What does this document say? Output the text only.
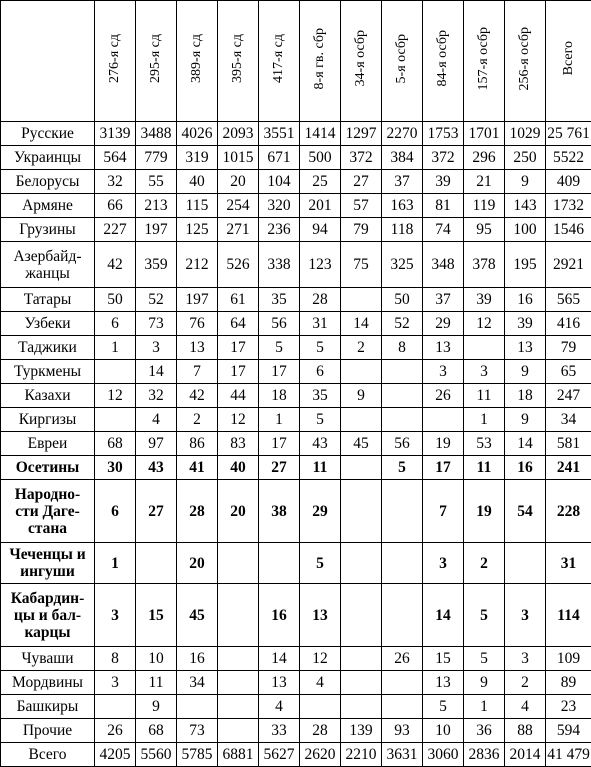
	276-я сд	295-я сд	389-я сд	395-я сд	417-я сд	8-я гв. сбр	34-я осбр	5-я осбр	84-я осбр	157-я осбр	256-я осбр	Всего
Русские	3139	3488	4026	2093	3551	1414	1297	2270	1753	1701	1029	25 761
Украинцы	564	779	319	1015	671	500	372	384	372	296	250	5522
Белорусы	32	55	40	20	104	25	27	37	39	21	9	409
Армяне	66	213	115	254	320	201	57	163	81	119	143	1732
Грузины	227	197	125	271	236	94	79	118	74	95	100	1546
Азербайд-
жанцы	42	359	212	526	338	123	75	325	348	378	195	2921
Татары	50	52	197	61	35	28		50	37	39	16	565
Узбеки	6	73	76	64	56	31	14	52	29	12	39	416
Таджики	1	3	13	17	5	5	2	8	13		13	79
Туркмены		14	7	17	17	6			3	3	9	65
Казахи	12	32	42	44	18	35	9		26	11	18	247
Киргизы		4	2	12	1	5				1	9	34
Евреи	68	97	86	83	17	43	45	56	19	53	14	581
Осетины	30	43	41	40	27	11		5	17	11	16	241
Народно-
сти Даге-
стана	6	27	28	20	38	29			7	19	54	228
Чеченцы и
ингуши	1		20			5			3	2		31
Кабардин-
цы и бал-
карцы	3	15	45		16	13			14	5	3	114
Чуваши	8	10	16		14	12		26	15	5	3	109
Мордвины	3	11	34		13	4			13	9	2	89
Башкиры		9			4				5	1	4	23
Прочие	26	68	73		33	28	139	93	10	36	88	594
Всего	4205	5560	5785	6881	5627	2620	2210	3631	3060	2836	2014	41 479
